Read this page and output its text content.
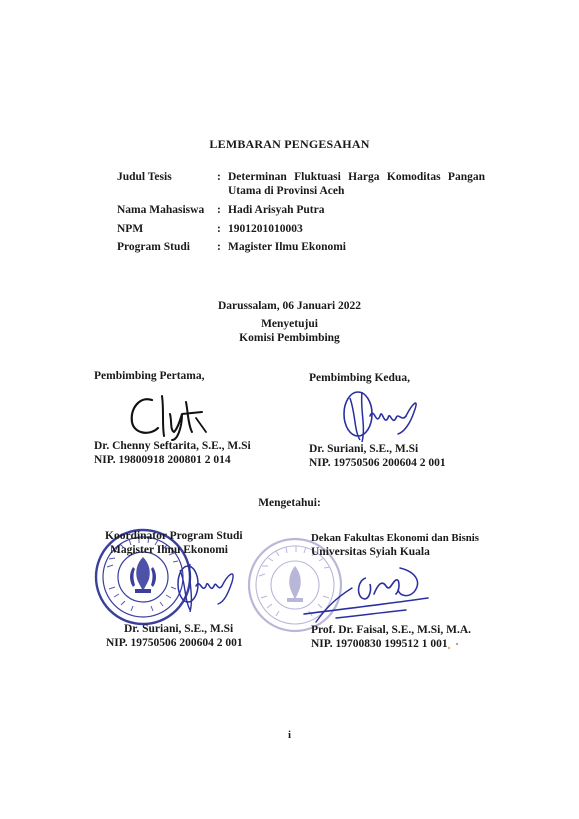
LEMBARAN PENGESAHAN
Judul Tesis	: Determinan Fluktuasi Harga Komoditas Pangan
Utama di Provinsi Aceh
Nama Mahasiswa : Hadi Arisyah Putra
NPM	: 1901201010003
Program Studi : Magister Ilmu Ekonomi
Darussalam, 06 Januari 2022
Menyetujui
Komisi Pembimbing
Pembimbing Pertama,	Pembimbing Kedua,
Dr. Chenny Seftarita, S.E., M.Si
NIP. 19800918 200801 2 014
Dr. Suriani, S.E., M.Si
NIP. 19750506 200604 2 001
Mengetahui:
Koordinator Program Studi
Magister Ilmu Ekonomi
Dr. Suriani, S.E., M.Si
NIP. 19750506 200604 2 001
Dekan Fakultas Ekonomi dan Bisnis
Universitas Syiah Kuala
Prof. Dr. Faisal, S.E., M.Si, M.A.
NIP. 19700830 199512 1 001
i
